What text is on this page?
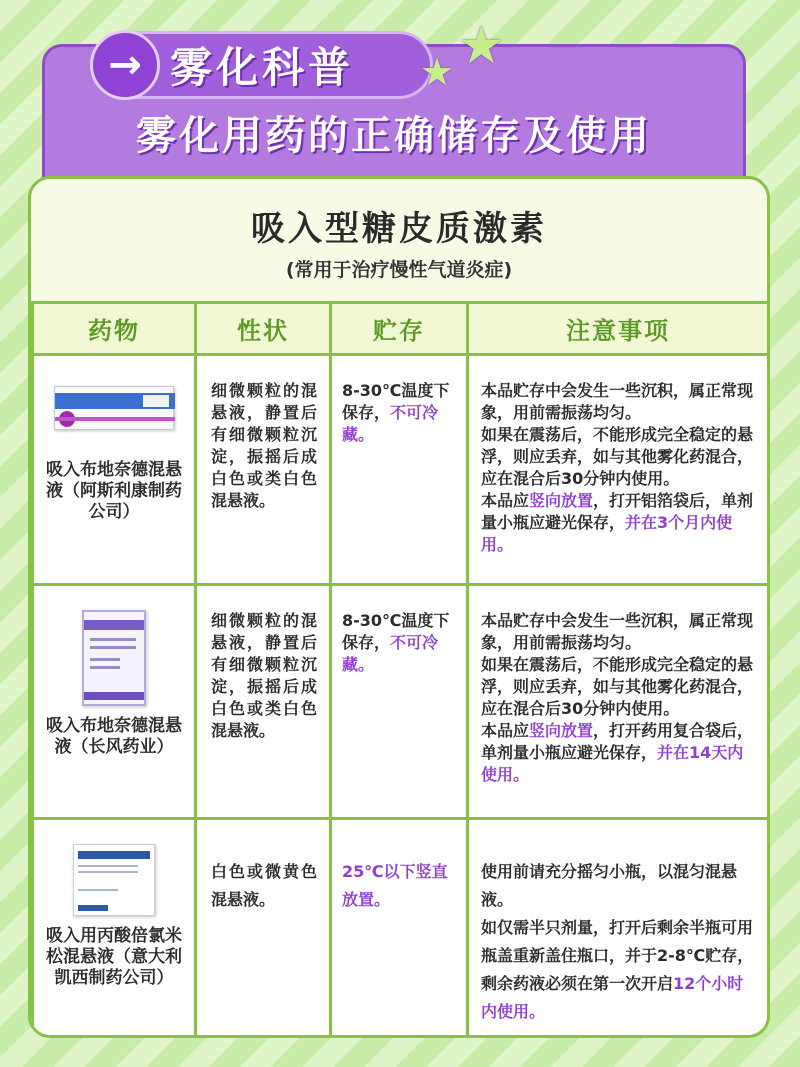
→ 雾化科普 ★ ★
雾化用药的正确储存及使用
吸入型糖皮质激素
(常用于治疗慢性气道炎症)
药物	性状	贮存	注意事项

吸入布地奈德混悬液（阿斯利康制药公司）	细微颗粒的混悬液，静置后有细微颗粒沉淀，振摇后成白色或类白色混悬液。	8-30℃温度下保存，不可冷藏。	本品贮存中会发生一些沉积，属正常现象，用前需振荡均匀。
如果在震荡后，不能形成完全稳定的悬浮，则应丢弃，如与其他雾化药混合，应在混合后30分钟内使用。
本品应竖向放置，打开铝箔袋后，单剂量小瓶应避光保存，并在3个月内使用。

吸入布地奈德混悬液（长风药业）	细微颗粒的混悬液，静置后有细微颗粒沉淀，振摇后成白色或类白色混悬液。	8-30℃温度下保存，不可冷藏。	本品贮存中会发生一些沉积，属正常现象，用前需振荡均匀。
如果在震荡后，不能形成完全稳定的悬浮，则应丢弃，如与其他雾化药混合，应在混合后30分钟内使用。
本品应竖向放置，打开药用复合袋后，单剂量小瓶应避光保存，并在14天内使用。

吸入用丙酸倍氯米松混悬液（意大利凯西制药公司）	白色或微黄色混悬液。	25℃以下竖直放置。	使用前请充分摇匀小瓶，以混匀混悬液。
如仅需半只剂量，打开后剩余半瓶可用瓶盖重新盖住瓶口，并于2-8℃贮存，剩余药液必须在第一次开启12个小时内使用。
